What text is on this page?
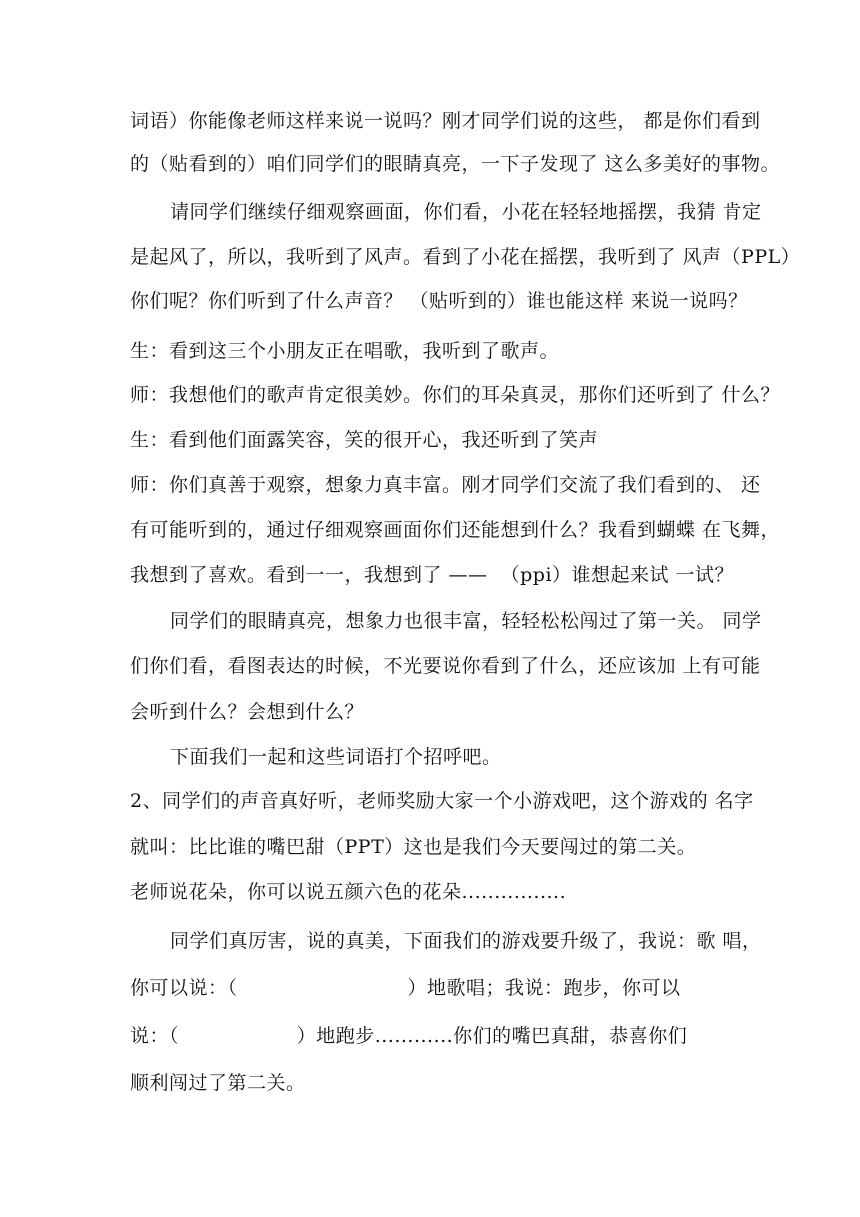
词语）你能像老师这样来说一说吗？刚才同学们说的这些， 都是你们看到
的（贴看到的）咱们同学们的眼睛真亮，一下子发现了 这么多美好的事物。
请同学们继续仔细观察画面，你们看，小花在轻轻地摇摆，我猜 肯定
是起风了，所以，我听到了风声。看到了小花在摇摆，我听到了 风声（PPL）
你们呢？你们听到了什么声音？ （贴听到的）谁也能这样 来说一说吗？
生：看到这三个小朋友正在唱歌，我听到了歌声。
师：我想他们的歌声肯定很美妙。你们的耳朵真灵，那你们还听到了 什么？
生：看到他们面露笑容，笑的很开心，我还听到了笑声
师：你们真善于观察，想象力真丰富。刚才同学们交流了我们看到的、 还
有可能听到的，通过仔细观察画面你们还能想到什么？我看到蝴蝶 在飞舞，
我想到了喜欢。看到一一，我想到了 ——  （ppi）谁想起来试 一试？
同学们的眼睛真亮，想象力也很丰富，轻轻松松闯过了第一关。 同学
们你们看，看图表达的时候，不光要说你看到了什么，还应该加 上有可能
会听到什么？会想到什么？
下面我们一起和这些词语打个招呼吧。
2、同学们的声音真好听，老师奖励大家一个小游戏吧，这个游戏的 名字
就叫：比比谁的嘴巴甜（PPT）这也是我们今天要闯过的第二关。
老师说花朵，你可以说五颜六色的花朵................
同学们真厉害，说的真美，下面我们的游戏要升级了，我说：歌 唱，
你可以说：（                          ）地歌唱；我说：跑步，你可以
说：（                  ）地跑步............你们的嘴巴真甜，恭喜你们
顺利闯过了第二关。
